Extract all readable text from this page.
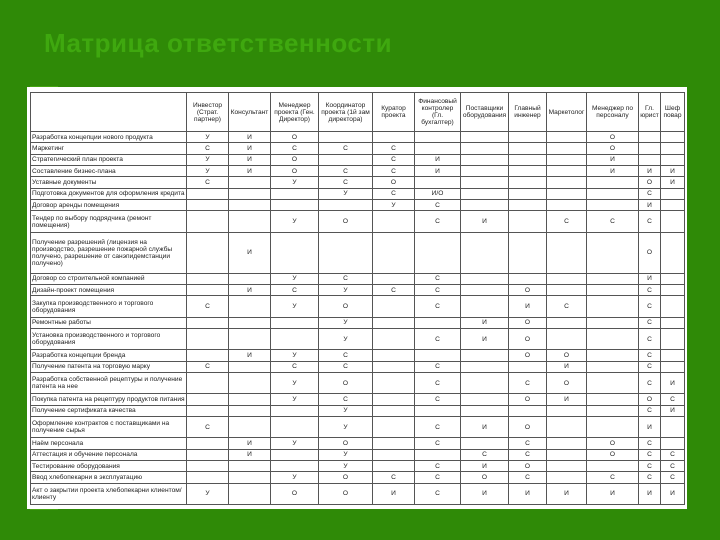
Матрица ответственности
	Инвестор (Страт. партнер)	Консультант	Менеджер проекта (Ген. Директор)	Координатор проекта (1й зам директора)	Куратор проекта	Финансовый контролер (Гл. бухгалтер)	Поставщики оборудования	Главный инженер	Маркетолог	Менеджер по персоналу	Гл. юрист	Шеф повар
Разработка концепции нового продукта	У	И	О							О		
Маркетинг	С	И	С	С	С					О		
Стратегический план проекта	У	И	О		С	И				И		
Составление бизнес-плана	У	И	О	С	С	И				И	И	И
Уставные документы	С		У	С	О						О	И
Подготовка документов для оформления кредита				У	С	И/О					С	
Договор аренды помещения					У	С					И	
Тендер по выбору подрядчика (ремонт помещения)			У	О		С	И		С	С	С	
Получение разрешений (лицензия на производство, разрешение пожарной службы получено, разрешение от санэпидемстанции получено)		И									О	
Договор со строительной компанией			У	С		С					И	
Дизайн-проект помещения		И	С	У	С	С		О			С	
Закупка производственного и торгового оборудования	С		У	О		С		И	С		С	
Ремонтные работы				У			И	О			С	
Установка производственного и торгового оборудования				У		С	И	О			С	
Разработка концепции бренда		И	У	С				О	О		С	
Получение патента на торговую марку	С		С	С		С			И		С	
Разработка собственной рецептуры и получение патента на нее			У	О		С		С	О		С	И
Покупка патента на рецептуру продуктов питания			У	С		С		О	И		О	С
Получение сертификата качества				У							С	И
Оформление контрактов с поставщиками на получение сырья	С			У		С	И	О			И	
Наём персонала		И	У	О		С		С		О	С	
Аттестация и обучение персонала		И		У			С	С		О	С	С
Тестирование оборудования				У		С	И	О			С	С
Ввод хлебопекарни в эксплуатацию			У	О	С	С	О	С		С	С	С
Акт о закрытии проекта хлебопекарни клиентом/ клиенту	У		О	О	И	С	И	И	И	И	И	И
